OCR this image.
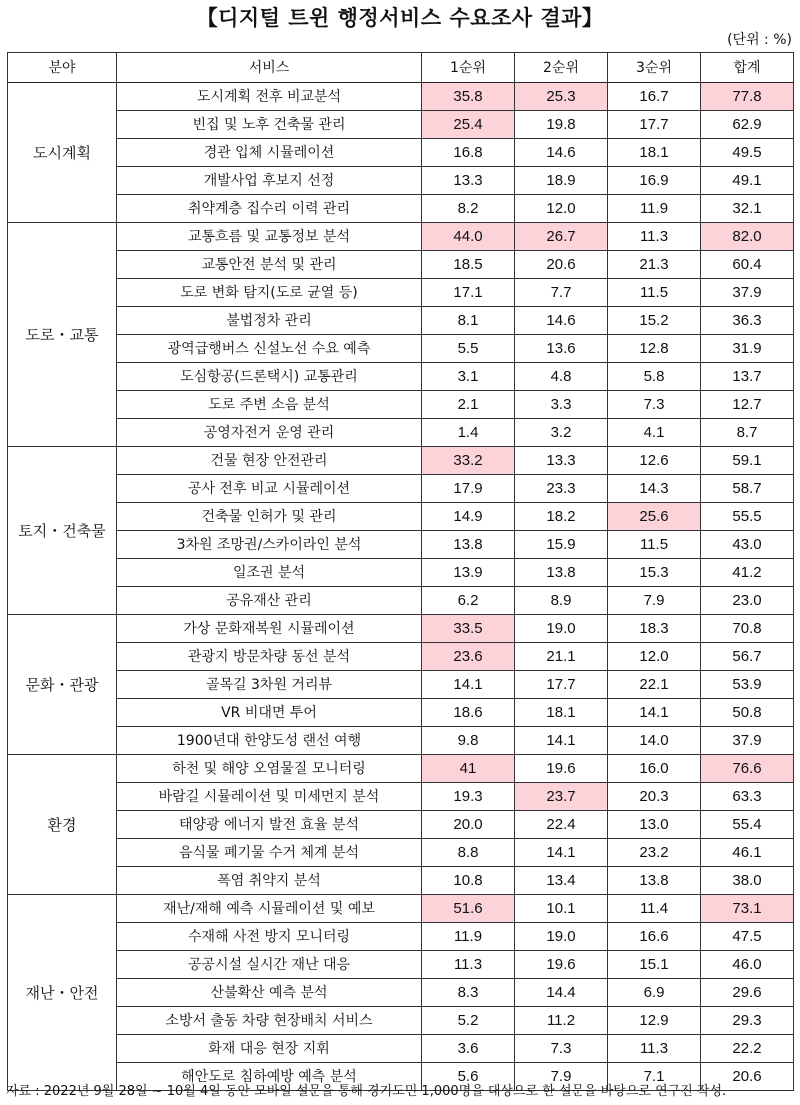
【디지털 트윈 행정서비스 수요조사 결과】
(단위 : %)
분야	서비스	1순위	2순위	3순위	합계
도시계획	도시계획 전후 비교분석	35.8	25.3	16.7	77.8
	빈집 및 노후 건축물 관리	25.4	19.8	17.7	62.9
	경관 입체 시뮬레이션	16.8	14.6	18.1	49.5
	개발사업 후보지 선정	13.3	18.9	16.9	49.1
	취약계층 집수리 이력 관리	8.2	12.0	11.9	32.1
도로・교통	교통흐름 및 교통정보 분석	44.0	26.7	11.3	82.0
	교통안전 분석 및 관리	18.5	20.6	21.3	60.4
	도로 변화 탐지(도로 균열 등)	17.1	7.7	11.5	37.9
	불법정차 관리	8.1	14.6	15.2	36.3
	광역급행버스 신설노선 수요 예측	5.5	13.6	12.8	31.9
	도심항공(드론택시) 교통관리	3.1	4.8	5.8	13.7
	도로 주변 소음 분석	2.1	3.3	7.3	12.7
	공영자전거 운영 관리	1.4	3.2	4.1	8.7
토지・건축물	건물 현장 안전관리	33.2	13.3	12.6	59.1
	공사 전후 비교 시뮬레이션	17.9	23.3	14.3	58.7
	건축물 인허가 및 관리	14.9	18.2	25.6	55.5
	3차원 조망권/스카이라인 분석	13.8	15.9	11.5	43.0
	일조권 분석	13.9	13.8	15.3	41.2
	공유재산 관리	6.2	8.9	7.9	23.0
문화・관광	가상 문화재복원 시뮬레이션	33.5	19.0	18.3	70.8
	관광지 방문차량 동선 분석	23.6	21.1	12.0	56.7
	골목길 3차원 거리뷰	14.1	17.7	22.1	53.9
	VR 비대면 투어	18.6	18.1	14.1	50.8
	1900년대 한양도성 랜선 여행	9.8	14.1	14.0	37.9
환경	하천 및 해양 오염물질 모니터링	41	19.6	16.0	76.6
	바람길 시뮬레이션 및 미세먼지 분석	19.3	23.7	20.3	63.3
	태양광 에너지 발전 효율 분석	20.0	22.4	13.0	55.4
	음식물 폐기물 수거 체계 분석	8.8	14.1	23.2	46.1
	폭염 취약지 분석	10.8	13.4	13.8	38.0
재난・안전	재난/재해 예측 시뮬레이션 및 예보	51.6	10.1	11.4	73.1
	수재해 사전 방지 모니터링	11.9	19.0	16.6	47.5
	공공시설 실시간 재난 대응	11.3	19.6	15.1	46.0
	산불확산 예측 분석	8.3	14.4	6.9	29.6
	소방서 출동 차량 현장배치 서비스	5.2	11.2	12.9	29.3
	화재 대응 현장 지휘	3.6	7.3	11.3	22.2
	해안도로 침하예방 예측 분석	5.6	7.9	7.1	20.6
자료 : 2022년 9월 28일 ~ 10월 4일 동안 모바일 설문을 통해 경기도민 1,000명을 대상으로 한 설문을 바탕으로 연구진 작성.
